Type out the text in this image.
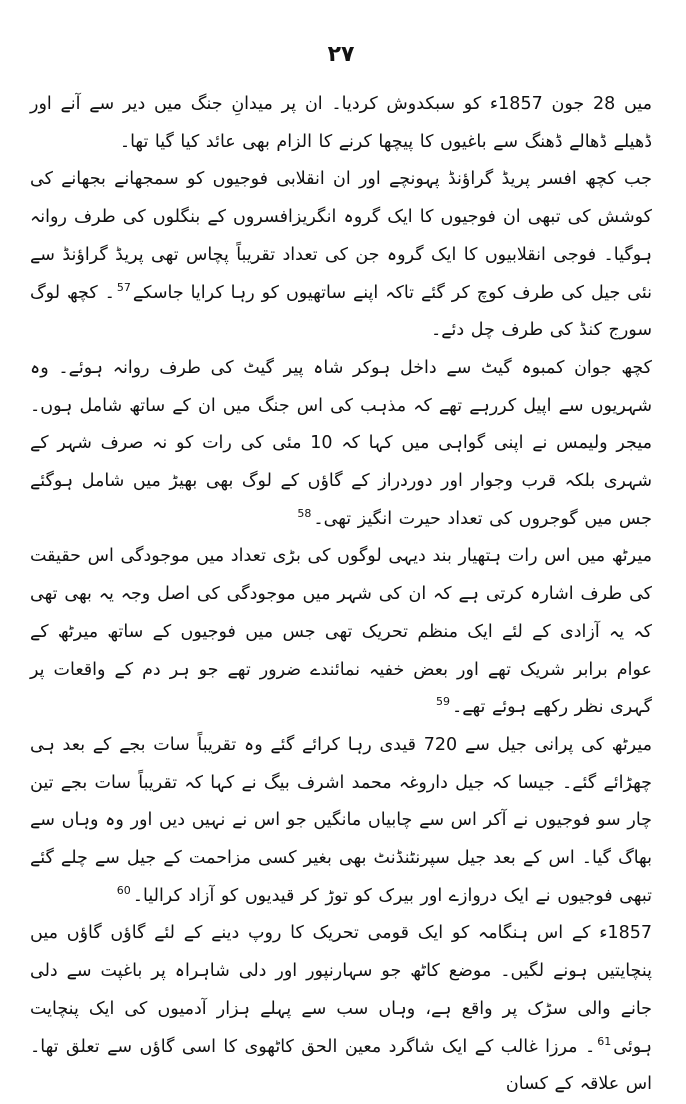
۲۷

میں 28 جون 1857ء کو سبکدوش کردیا۔ ان پر میدانِ جنگ میں دیر سے آنے اور ڈھیلے ڈھالے ڈھنگ سے باغیوں کا پیچھا کرنے کا الزام بھی عائد کیا گیا تھا۔

جب کچھ افسر پریڈ گراؤنڈ پہونچے اور ان انقلابی فوجیوں کو سمجھانے بجھانے کی کوشش کی تبھی ان فوجیوں کا ایک گروہ انگریزافسروں کے بنگلوں کی طرف روانہ ہوگیا۔ فوجی انقلابیوں کا ایک گروہ جن کی تعداد تقریباً پچاس تھی پریڈ گراؤنڈ سے نئی جیل کی طرف کوچ کر گئے تاکہ اپنے ساتھیوں کو رہا کرایا جاسکے$^{57}$۔ کچھ لوگ سورج کنڈ کی طرف چل دئے۔

کچھ جوان کمبوہ گیٹ سے داخل ہوکر شاہ پیر گیٹ کی طرف روانہ ہوئے۔ وہ شہریوں سے اپیل کررہے تھے کہ مذہب کی اس جنگ میں ان کے ساتھ شامل ہوں۔ میجر ولیمس نے اپنی گواہی میں کہا کہ 10 مئی کی رات کو نہ صرف شہر کے شہری بلکہ قرب وجوار اور دوردراز کے گاؤں کے لوگ بھی بھیڑ میں شامل ہوگئے جس میں گوجروں کی تعداد حیرت انگیز تھی۔$^{58}$

میرٹھ میں اس رات ہتھیار بند دیہی لوگوں کی بڑی تعداد میں موجودگی اس حقیقت کی طرف اشارہ کرتی ہے کہ ان کی شہر میں موجودگی کی اصل وجہ یہ بھی تھی کہ یہ آزادی کے لئے ایک منظم تحریک تھی جس میں فوجیوں کے ساتھ میرٹھ کے عوام برابر شریک تھے اور بعض خفیہ نمائندے ضرور تھے جو ہر دم کے واقعات پر گہری نظر رکھے ہوئے تھے۔$^{59}$

میرٹھ کی پرانی جیل سے 720 قیدی رہا کرائے گئے وہ تقریباً سات بجے کے بعد ہی چھڑائے گئے۔ جیسا کہ جیل داروغہ محمد اشرف بیگ نے کہا کہ تقریباً سات بجے تین چار سو فوجیوں نے آکر اس سے چابیاں مانگیں جو اس نے نہیں دیں اور وہ وہاں سے بھاگ گیا۔ اس کے بعد جیل سپرنٹنڈنٹ بھی بغیر کسی مزاحمت کے جیل سے چلے گئے تبھی فوجیوں نے ایک دروازے اور بیرک کو توڑ کر قیدیوں کو آزاد کرالیا۔$^{60}$

1857ء کے اس ہنگامہ کو ایک قومی تحریک کا روپ دینے کے لئے گاؤں گاؤں میں پنچایتیں ہونے لگیں۔ موضع کاٹھ جو سہارنپور اور دلی شاہراہ پر باغپت سے دلی جانے والی سڑک پر واقع ہے، وہاں سب سے پہلے ہزار آدمیوں کی ایک پنچایت ہوئی$^{61}$۔ مرزا غالب کے ایک شاگرد معین الحق کاٹھوی کا اسی گاؤں سے تعلق تھا۔ اس علاقہ کے کسان
